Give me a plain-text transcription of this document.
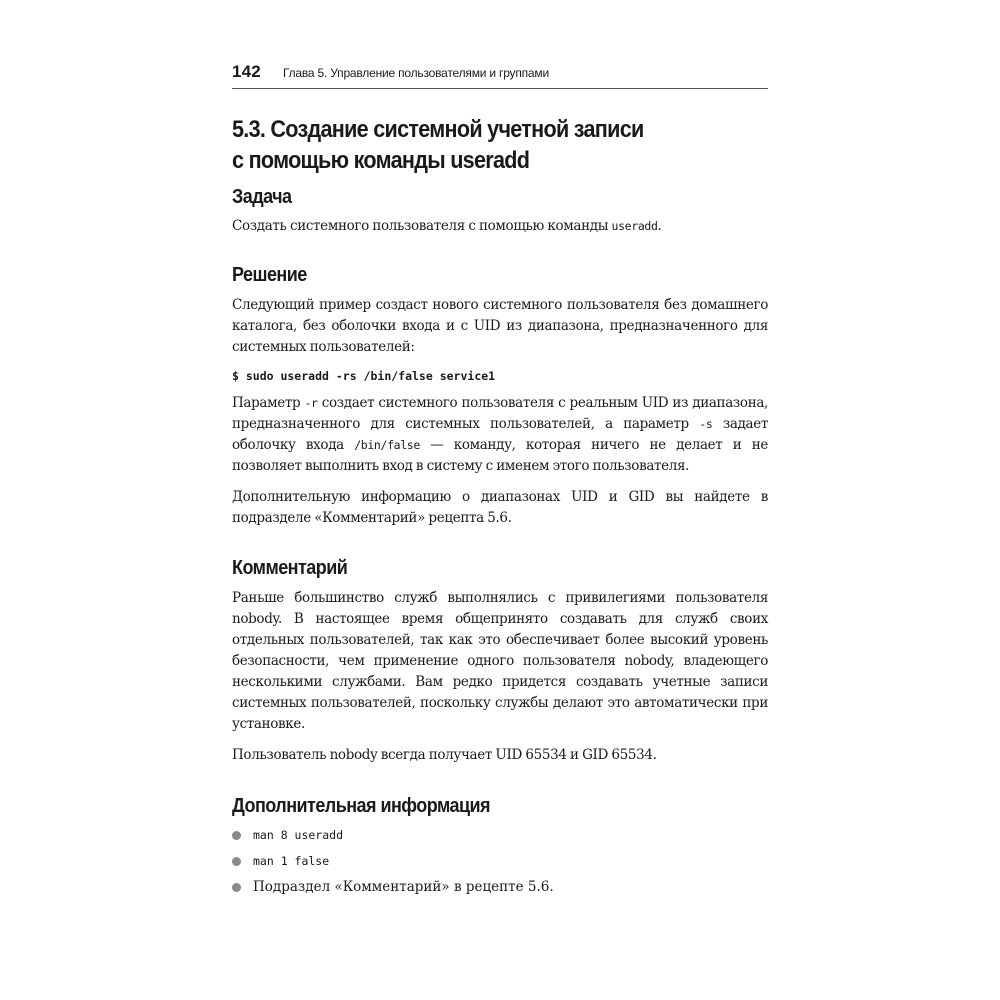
142 Глава 5. Управление пользователями и группами
5.3. Создание системной учетной записи
с помощью команды useradd
Задача

Создать системного пользователя с помощью команды useradd.

Решение

Следующий пример создаст нового системного пользователя без домашнего каталога, без оболочки входа и с UID из диапазона, предназначенного для системных пользователей:

$ sudo useradd -rs /bin/false service1

Параметр -r создает системного пользователя с реальным UID из диапазона, предназначенного для системных пользователей, а параметр -s задает оболочку входа /bin/false — команду, которая ничего не делает и не позволяет выполнить вход в систему с именем этого пользователя.

Дополнительную информацию о диапазонах UID и GID вы найдете в подразделе «Комментарий» рецепта 5.6.

Комментарий

Раньше большинство служб выполнялись с привилегиями пользователя nobody. В настоящее время общепринято создавать для служб своих отдельных пользователей, так как это обеспечивает более высокий уровень безопасности, чем применение одного пользователя nobody, владеющего несколькими службами. Вам редко придется создавать учетные записи системных пользователей, поскольку службы делают это автоматически при установке.

Пользователь nobody всегда получает UID 65534 и GID 65534.

Дополнительная информация
man 8 useradd
man 1 false
Подраздел «Комментарий» в рецепте 5.6.
